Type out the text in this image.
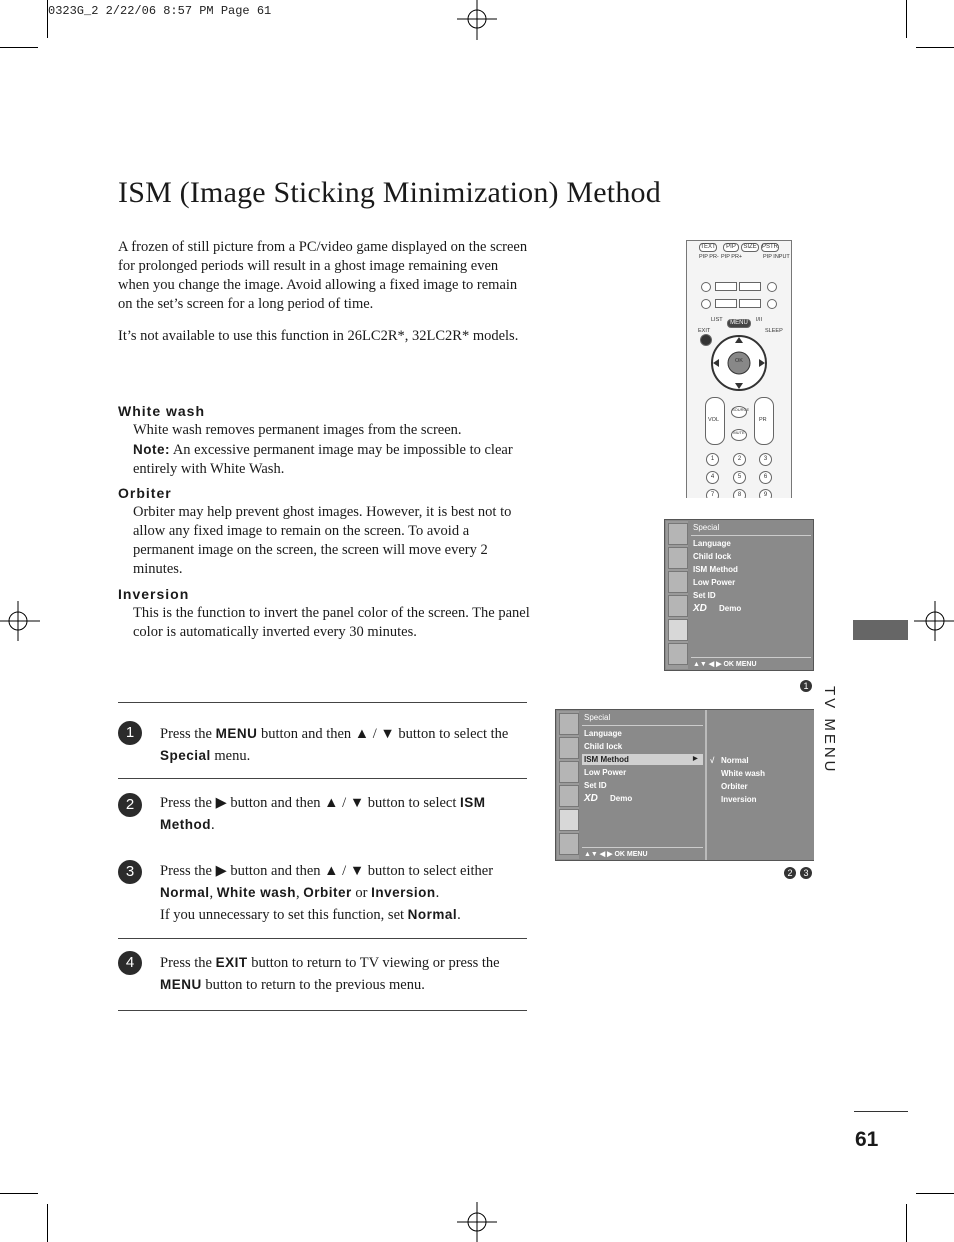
0323G_2 2/22/06 8:57 PM Page 61
ISM (Image Sticking Minimization) Method

A frozen of still picture from a PC/video game displayed on the screen for prolonged periods will result in a ghost image remaining even when you change the image. Avoid allowing a fixed image to remain on the set’s screen for a long period of time.

It’s not available to use this function in 26LC2R*, 32LC2R* models.

White wash

White wash removes permanent images from the screen.
Note: An excessive permanent image may be impossible to clear entirely with White Wash.

Orbiter

Orbiter may help prevent ghost images. However, it is best not to allow any fixed image to remain on the screen. To avoid a permanent image on the screen, the screen will move every 2 minutes.

Inversion

This is the function to invert the panel color of the screen. The panel color is automatically inverted every 30 minutes.

1	Press the MENU button and then ▲ / ▼ button to select the Special menu.

2	Press the ▶ button and then ▲ / ▼ button to select ISM Method.

3	Press the ▶ button and then ▲ / ▼ button to select either Normal, White wash, Orbiter or Inversion.
If you unnecessary to set this function, set Normal.

4	Press the EXIT button to return to TV viewing or press the MENU button to return to the previous menu.

TEXT	PIP	SIZE PSTR
PIP PR- PIP PR+	PIP INPUT
LIST	I/II
MENU
EXIT	SLEEP
OK
VOL	PR
SOURCE
MUTE
1	2	3
4	5	6
7	8	9
Special
Language
Child lock
ISM Method
Low Power
Set ID
XD Demo
▲▼ ◀ ▶ OK MENU
1
Special
Language
Child lock
ISM Method	▶
Low Power
Set ID
XD Demo
▲▼ ◀ ▶ OK MENU
√ Normal
White wash
Orbiter
Inversion
2	3
TV MENU
61
